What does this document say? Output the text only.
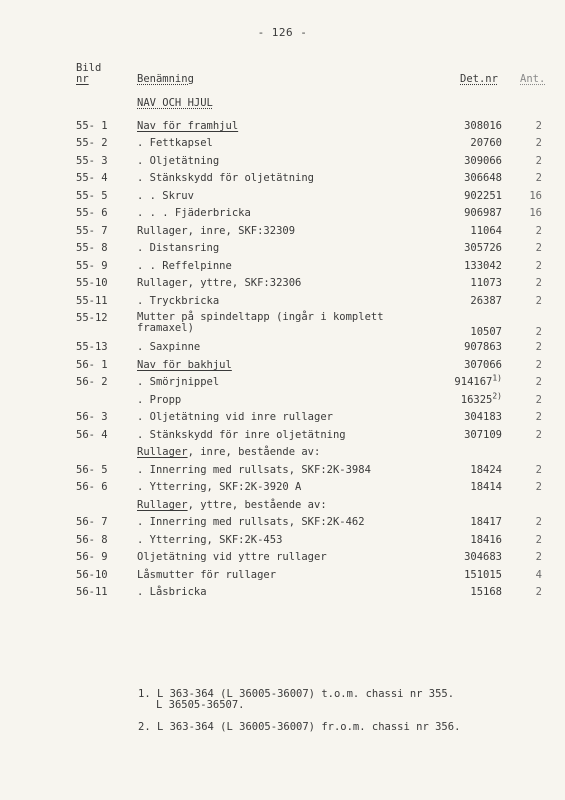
- 126 -
Bild
nr	Benämning	Det.nr Ant.
NAV OCH HJUL
55- 1	Nav för framhjul	308016	2
55- 2	. Fettkapsel	20760	2
55- 3	. Oljetätning	309066	2
55- 4	. Stänkskydd för oljetätning	306648	2
55- 5	. . Skruv	902251	16
55- 6	. . . Fjäderbricka	906987	16
55- 7	Rullager, inre, SKF:32309	11064	2
55- 8	. Distansring	305726	2
55- 9	. . Reffelpinne	133042	2
55-10	Rullager, yttre, SKF:32306	11073	2
55-11	. Tryckbricka	26387	2
55-12	Mutter på spindeltapp (ingår i komplett
framaxel)	10507	2
55-13	. Saxpinne	907863	2
56- 1	Nav för bakhjul	307066	2
56- 2	. Smörjnippel	914167$^{1)}$	2
. Propp	16325$^{2)}$	2
56- 3	. Oljetätning vid inre rullager	304183	2
56- 4	. Stänkskydd för inre oljetätning	307109	2
Rullager, inre, bestående av:
56- 5	. Innerring med rullsats, SKF:2K-3984	18424	2
56- 6	. Ytterring, SKF:2K-3920 A	18414	2
Rullager, yttre, bestående av:
56- 7	. Innerring med rullsats, SKF:2K-462	18417	2
56- 8	. Ytterring, SKF:2K-453	18416	2
56- 9	Oljetätning vid yttre rullager	304683	2
56-10	Låsmutter för rullager	151015	4
56-11	. Låsbricka	15168	2
1. L 363-364 (L 36005-36007) t.o.m. chassi nr 355.
L 36505-36507.
2. L 363-364 (L 36005-36007) fr.o.m. chassi nr 356.
